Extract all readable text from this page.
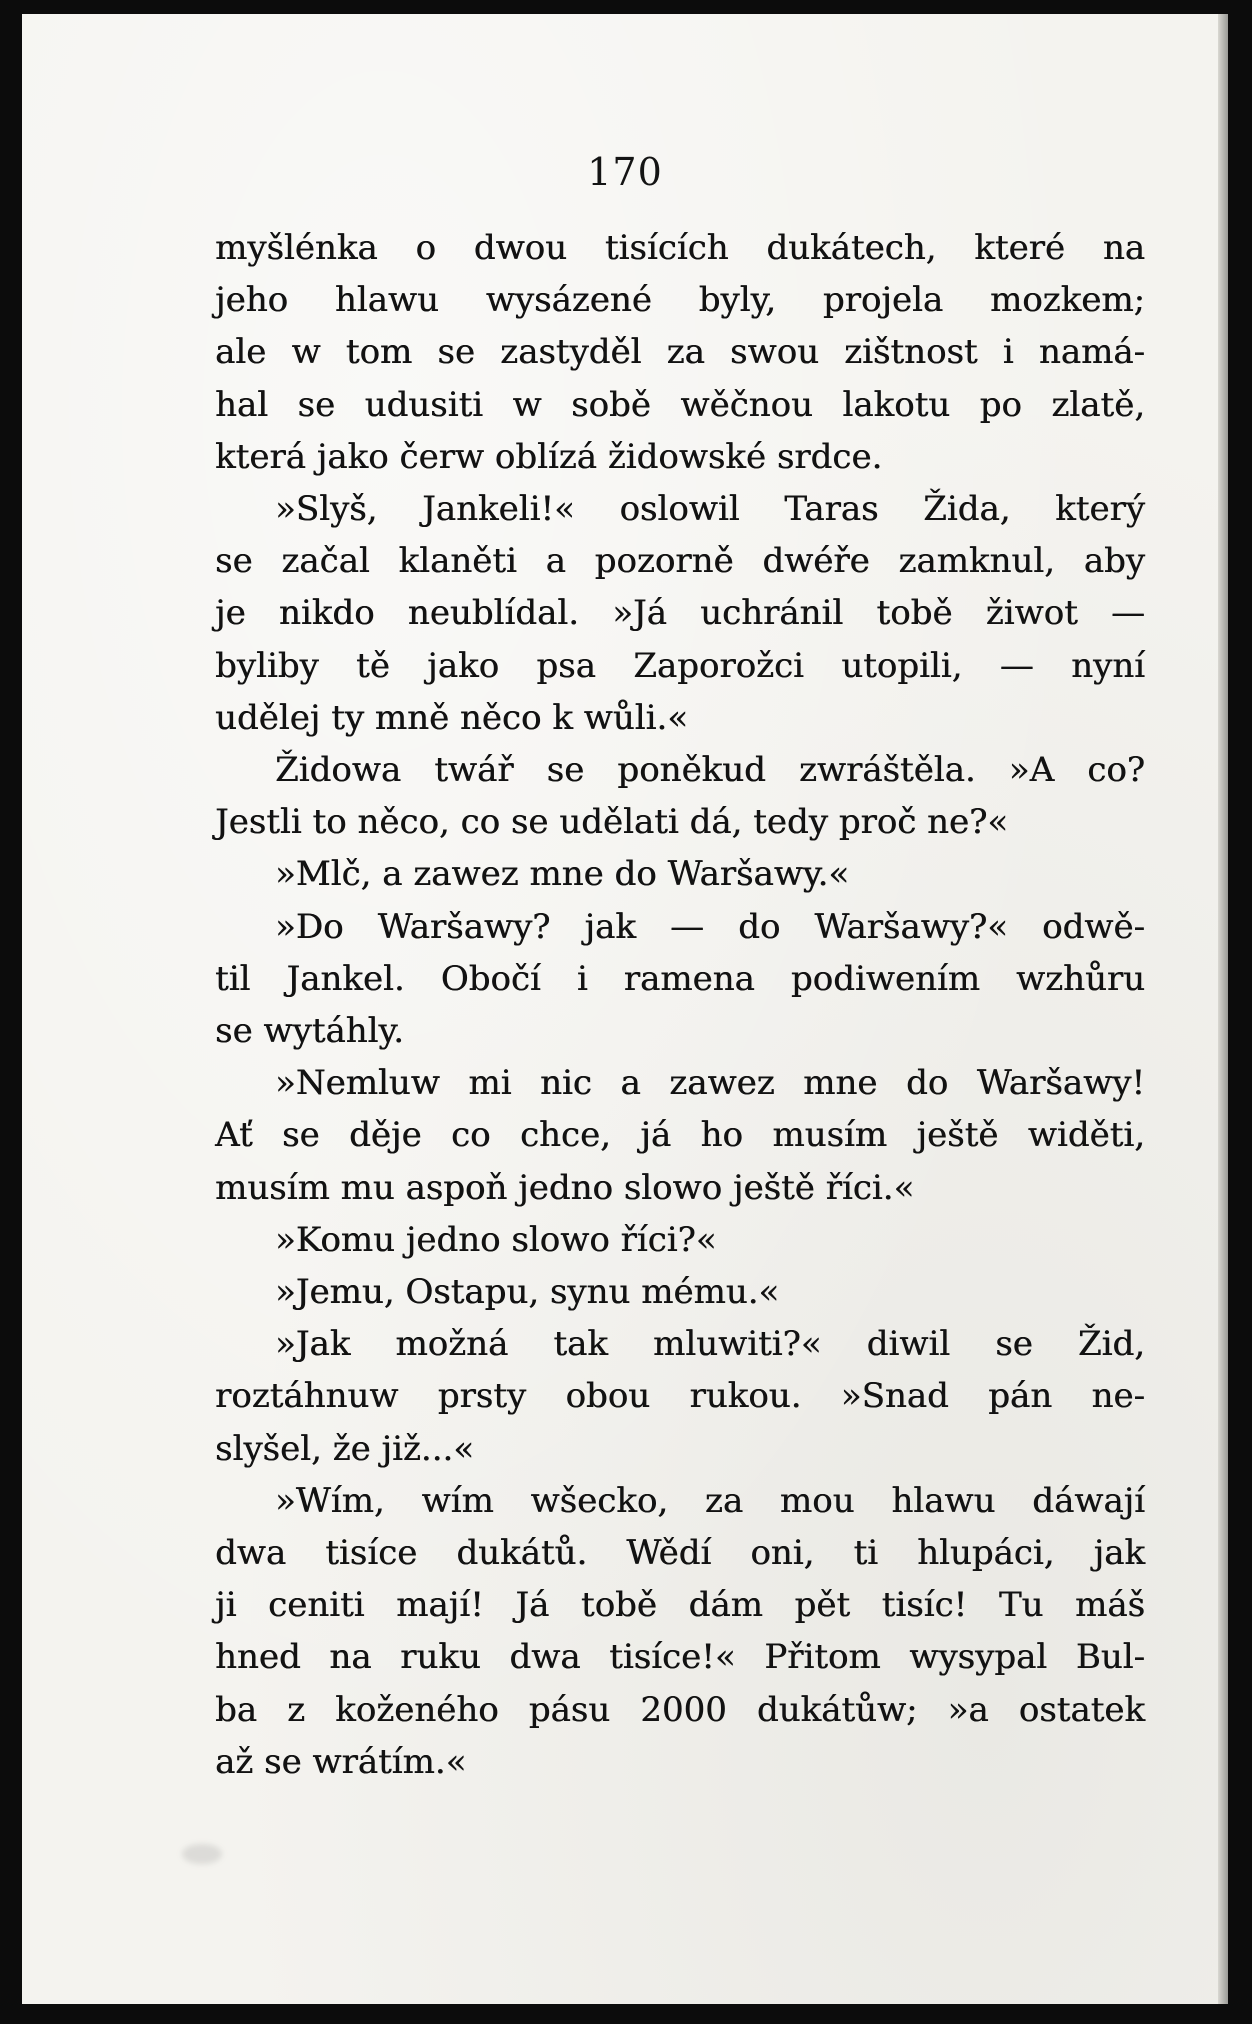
170

myšlénka o dwou tisících dukátech, které na
jeho hlawu wysázené byly, projela mozkem;
ale w tom se zastyděl za swou zištnost i namá-
hal se udusiti w sobě wěčnou lakotu po zlatě,
která jako čerw oblízá židowské srdce.

»Slyš, Jankeli!« oslowil Taras Žida, který
se začal klaněti a pozorně dwéře zamknul, aby
je nikdo neublídal. »Já uchránil tobě žiwot —
byliby tě jako psa Zaporožci utopili, — nyní
udělej ty mně něco k wůli.«

Židowa twář se poněkud zwráštěla. »A co?
Jestli to něco, co se udělati dá, tedy proč ne?«

»Mlč, a zawez mne do Waršawy.«

»Do Waršawy? jak — do Waršawy?« odwě-
til Jankel. Obočí i ramena podiwením wzhůru
se wytáhly.

»Nemluw mi nic a zawez mne do Waršawy!
Ať se děje co chce, já ho musím ještě widěti,
musím mu aspoň jedno slowo ještě říci.«

»Komu jedno slowo říci?«

»Jemu, Ostapu, synu mému.«

»Jak možná tak mluwiti?« diwil se Žid,
roztáhnuw prsty obou rukou. »Snad pán ne-
slyšel, že již...«

»Wím, wím wšecko, za mou hlawu dáwají
dwa tisíce dukátů. Wědí oni, ti hlupáci, jak
ji ceniti mají! Já tobě dám pět tisíc! Tu máš
hned na ruku dwa tisíce!« Přitom wysypal Bul-
ba z koženého pásu 2000 dukátůw; »a ostatek
až se wrátím.«
